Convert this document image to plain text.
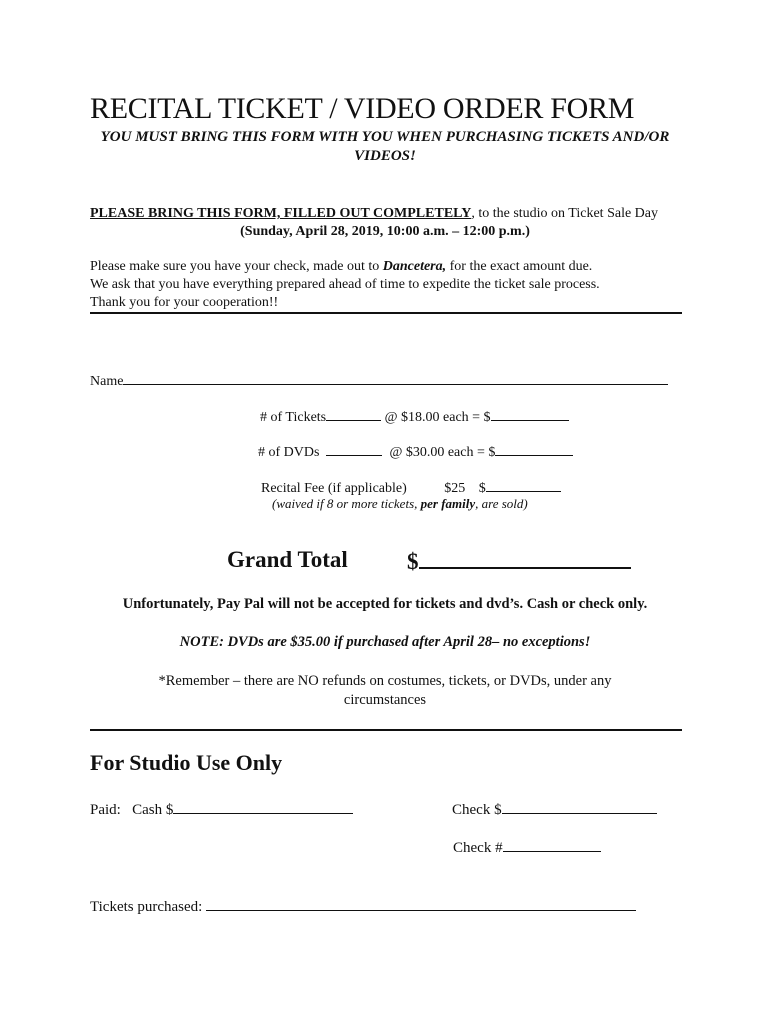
RECITAL TICKET / VIDEO ORDER FORM
YOU MUST BRING THIS FORM WITH YOU WHEN PURCHASING TICKETS AND/OR VIDEOS!
PLEASE BRING THIS FORM, FILLED OUT COMPLETELY, to the studio on Ticket Sale Day
(Sunday, April 28, 2019, 10:00 a.m. – 12:00 p.m.)
Please make sure you have your check, made out to Dancetera, for the exact amount due.
We ask that you have everything prepared ahead of time to expedite the ticket sale process.
Thank you for your cooperation!!
Name
# of Tickets	@ $18.00 each = $
# of DVDs	@ $30.00 each = $
Recital Fee (if applicable)	$25 $
(waived if 8 or more tickets, per family, are sold)
Grand Total	$
Unfortunately, Pay Pal will not be accepted for tickets and dvd’s. Cash or check only.
NOTE: DVDs are $35.00 if purchased after April 28– no exceptions!
*Remember – there are NO refunds on costumes, tickets, or DVDs, under any circumstances
For Studio Use Only
Paid: Cash $	Check $
Check #
Tickets purchased:
